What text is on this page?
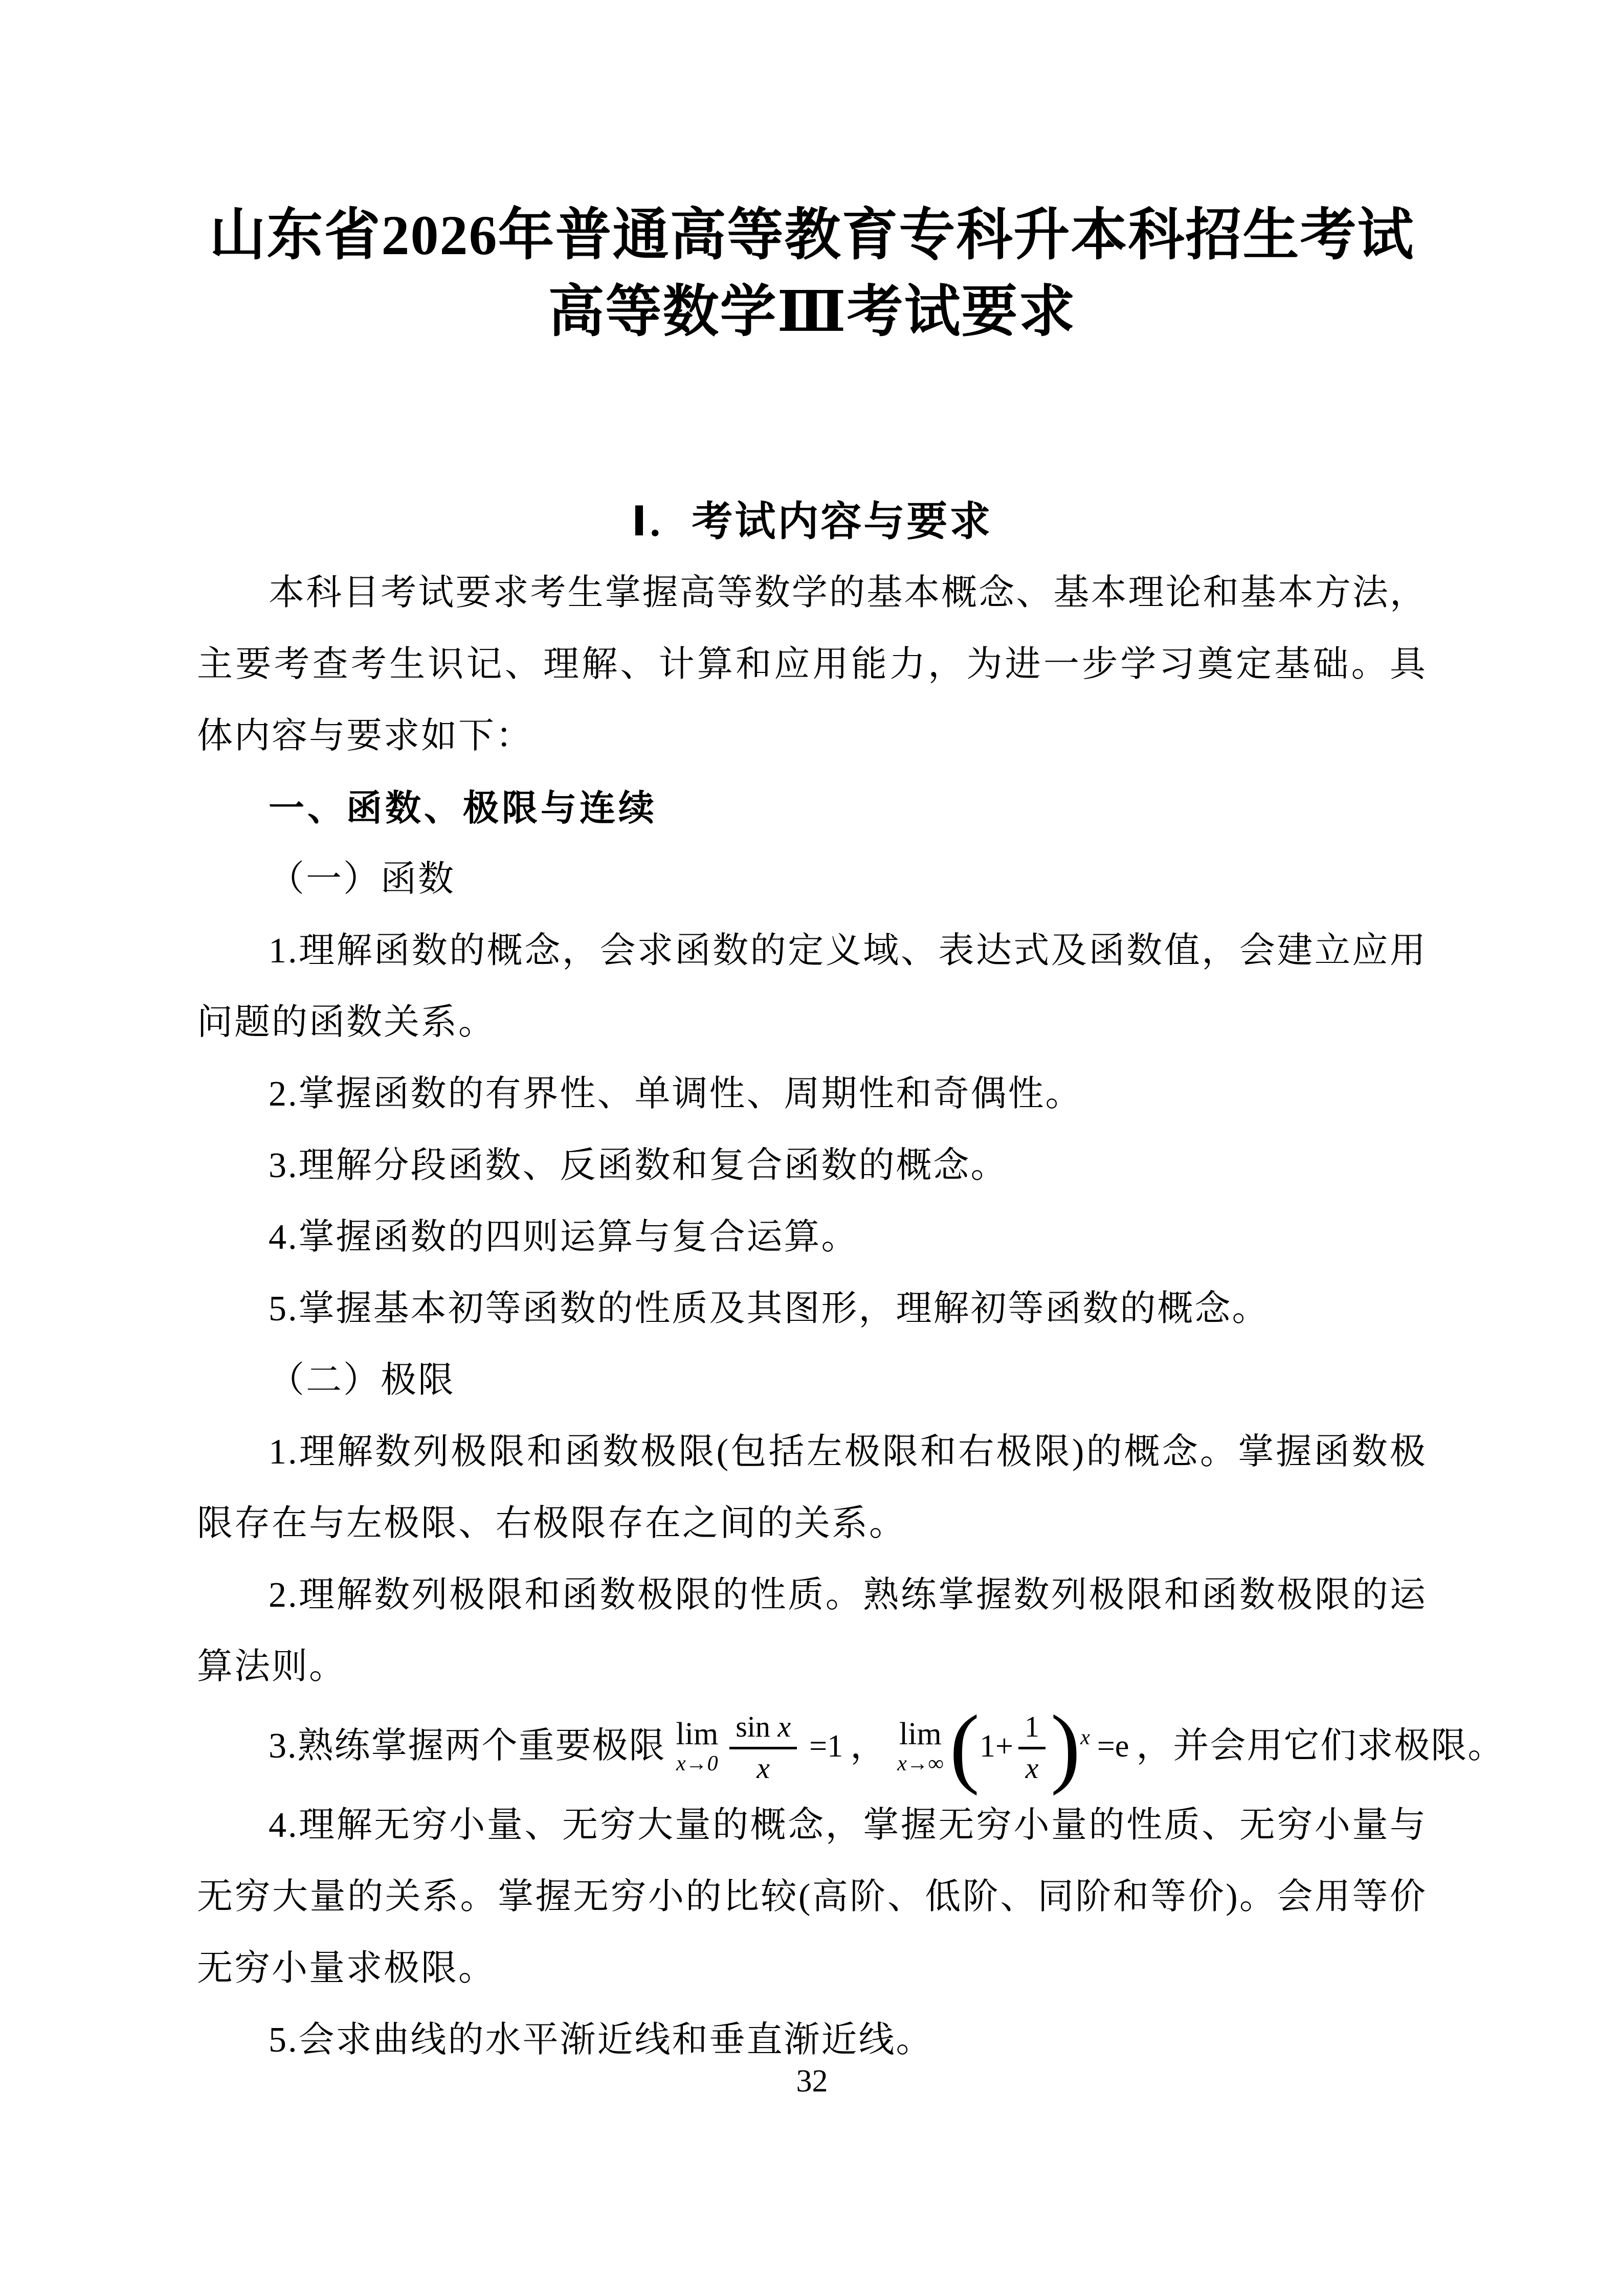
山东省2026年普通高等教育专科升本科招生考试
高等数学Ⅲ考试要求
Ⅰ．考试内容与要求
本科目考试要求考生掌握高等数学的基本概念、基本理论和基本方法，主要考查考生识记、理解、计算和应用能力，为进一步学习奠定基础。具体内容与要求如下：
一、函数、极限与连续
（一）函数
1.理解函数的概念，会求函数的定义域、表达式及函数值，会建立应用问题的函数关系。
2.掌握函数的有界性、单调性、周期性和奇偶性。
3.理解分段函数、反函数和复合函数的概念。
4.掌握函数的四则运算与复合运算。
5.掌握基本初等函数的性质及其图形，理解初等函数的概念。
（二）极限
1.理解数列极限和函数极限(包括左极限和右极限)的概念。掌握函数极限存在与左极限、右极限存在之间的关系。
2.理解数列极限和函数极限的性质。熟练掌握数列极限和函数极限的运算法则。
3.熟练掌握两个重要极限 lim
$x\to 0 \frac{\text{sin x}}{x} =1$ ， lim
x→∞ ( $1+ \frac{1}{x}$ ) x =e ，并会用它们求极限。
4.理解无穷小量、无穷大量的概念，掌握无穷小量的性质、无穷小量与无穷大量的关系。掌握无穷小的比较(高阶、低阶、同阶和等价)。会用等价无穷小量求极限。
5.会求曲线的水平渐近线和垂直渐近线。
32
